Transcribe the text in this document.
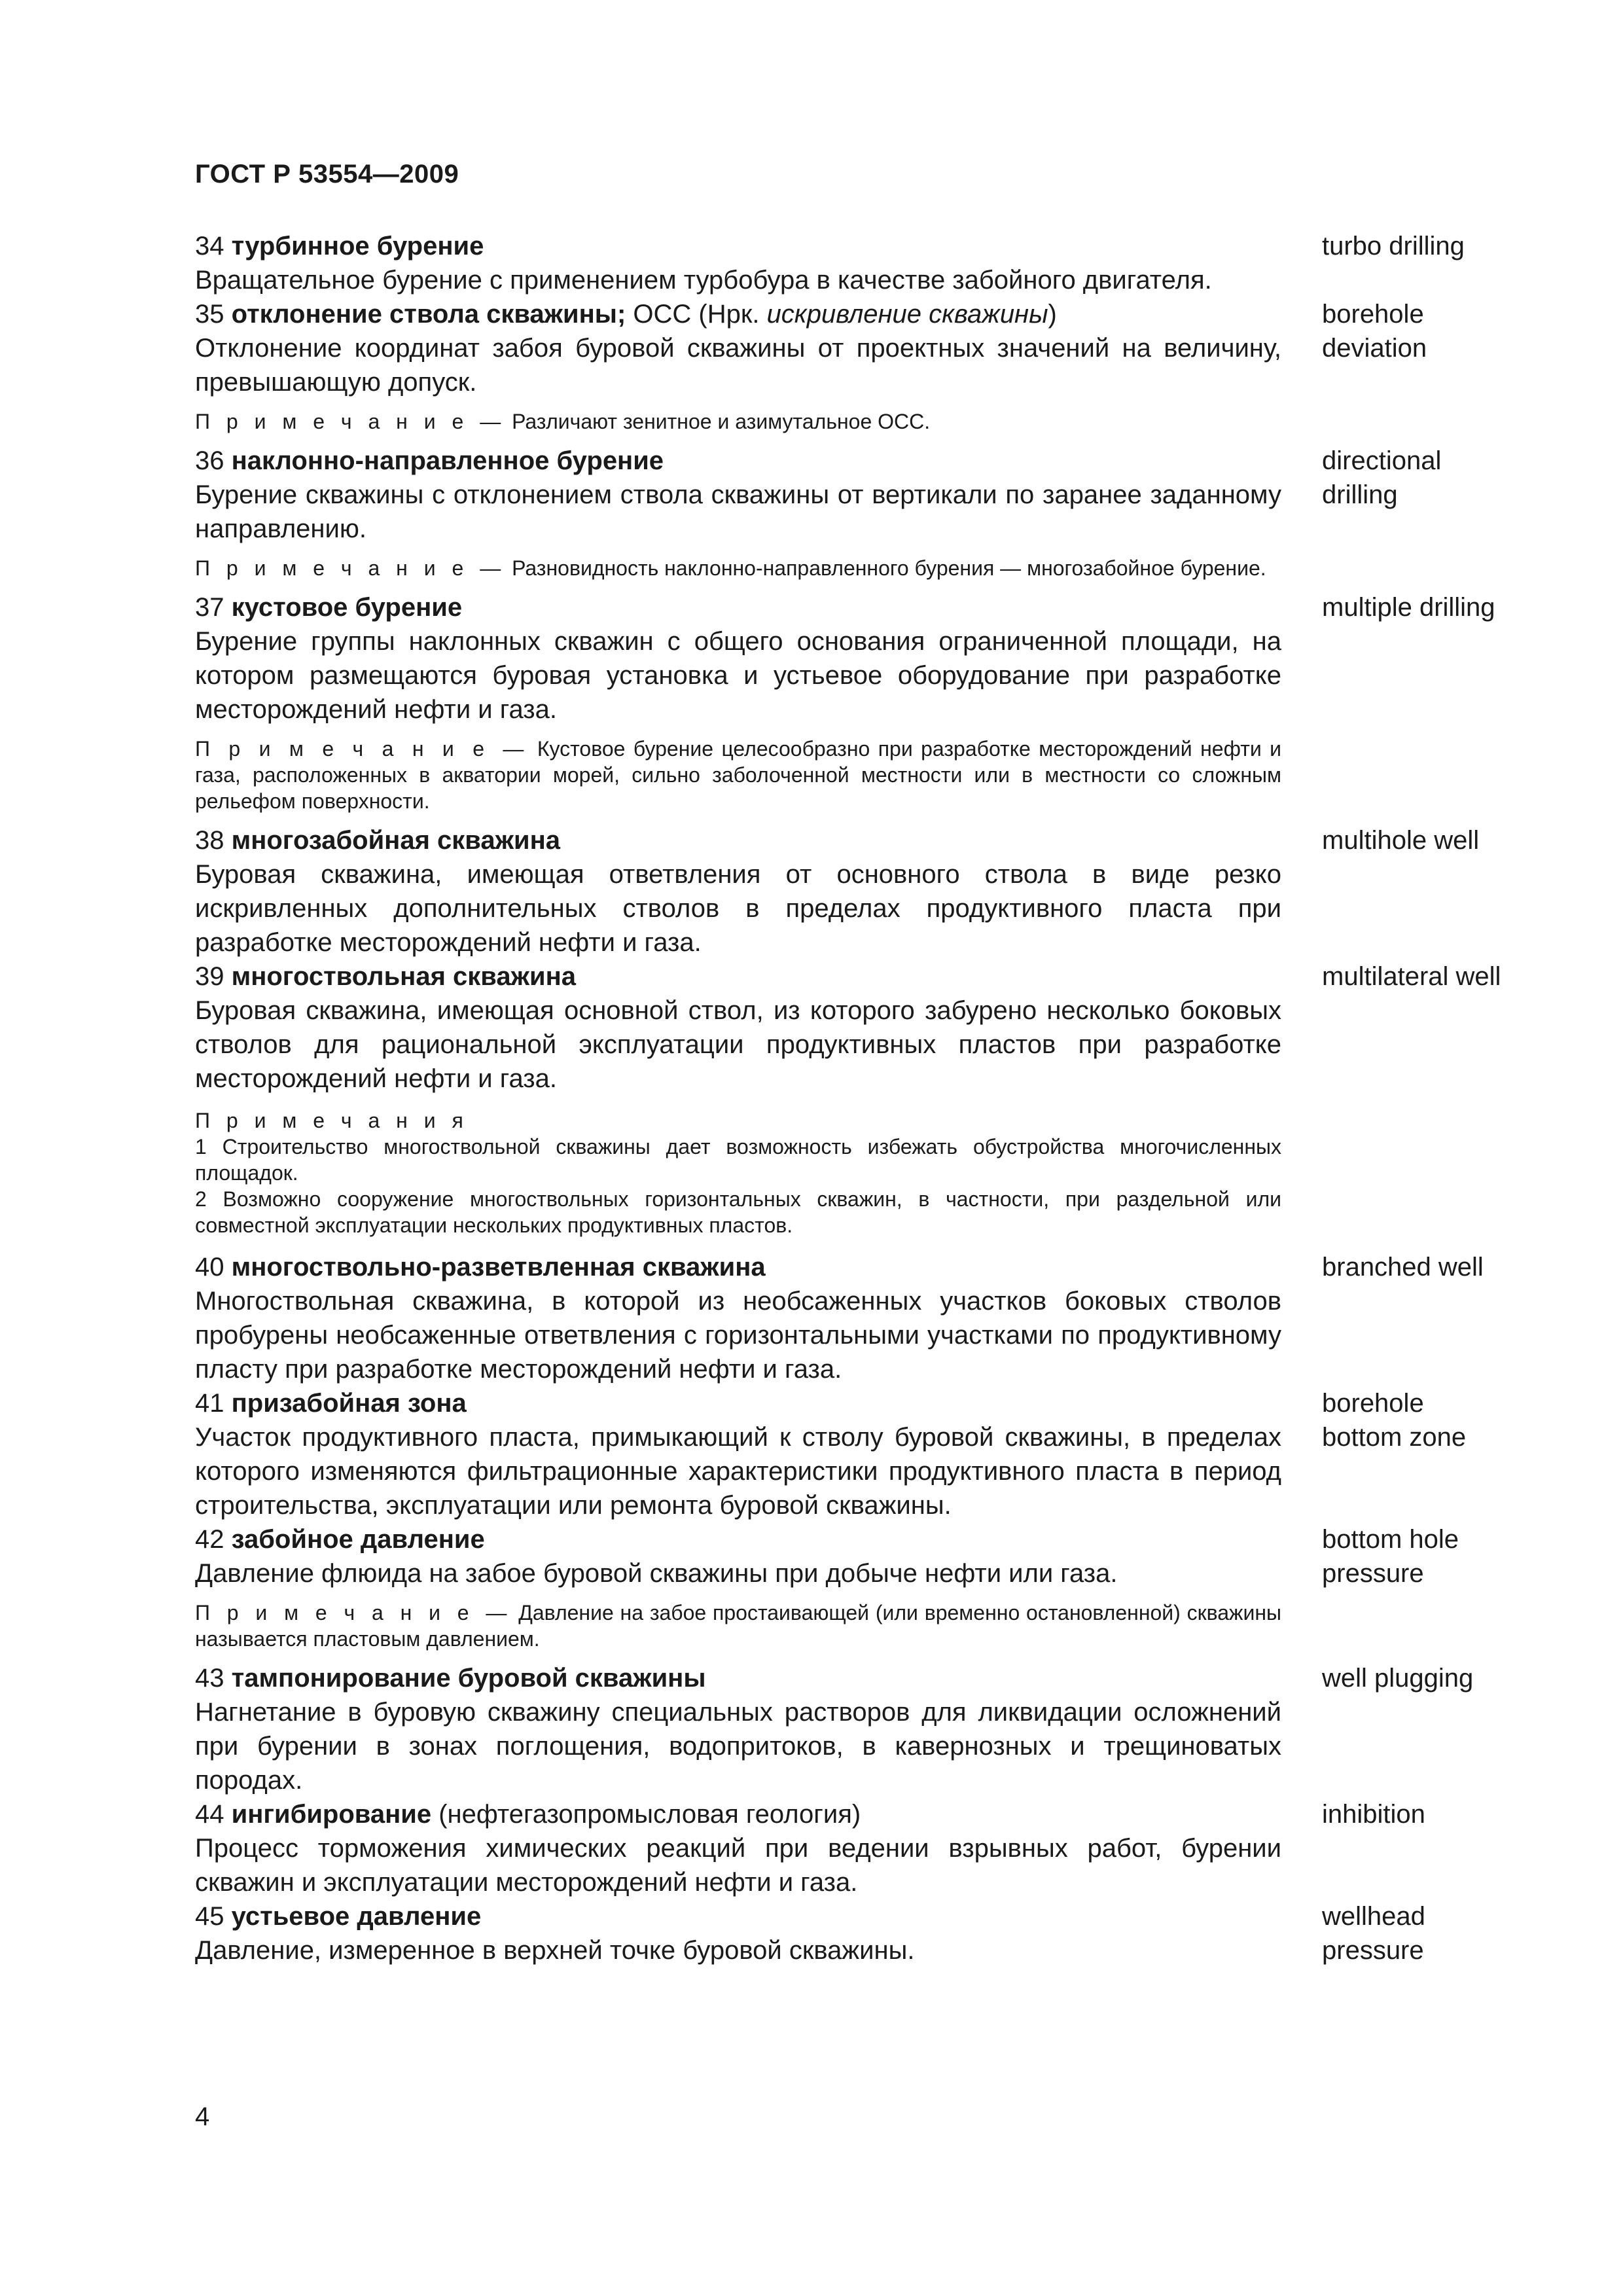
ГОСТ Р 53554—2009

34 турбинное бурение

Вращательное бурение с применением турбобура в качестве забойного двигателя.

turbo drilling

35 отклонение ствола скважины; ОСС (Нрк. искривление скважины)

Отклонение координат забоя буровой скважины от проектных значений на величину, превышающую допуск.

П р и м е ч а н и е — Различают зенитное и азимутальное ОСС.

borehole
deviation

36 наклонно-направленное бурение

Бурение скважины с отклонением ствола скважины от вертикали по заранее заданному направлению.

П р и м е ч а н и е — Разновидность наклонно-направленного бурения — многозабойное бурение.

directional
drilling

37 кустовое бурение

Бурение группы наклонных скважин с общего основания ограниченной площади, на котором размещаются буровая установка и устьевое оборудование при разработке месторождений нефти и газа.

П р и м е ч а н и е — Кустовое бурение целесообразно при разработке месторождений нефти и газа, расположенных в акватории морей, сильно заболоченной местности или в местности со сложным рельефом поверхности.

multiple drilling

38 многозабойная скважина

Буровая скважина, имеющая ответвления от основного ствола в виде резко искривленных дополнительных стволов в пределах продуктивного пласта при разработке месторождений нефти и газа.

multihole well

39 многоствольная скважина

Буровая скважина, имеющая основной ствол, из которого забурено несколько боковых стволов для рациональной эксплуатации продуктивных пластов при разработке месторождений нефти и газа.

П р и м е ч а н и я

1 Строительство многоствольной скважины дает возможность избежать обустройства многочисленных площадок.

2 Возможно сооружение многоствольных горизонтальных скважин, в частности, при раздельной или совместной эксплуатации нескольких продуктивных пластов.

multilateral well

40 многоствольно-разветвленная скважина

Многоствольная скважина, в которой из необсаженных участков боковых стволов пробурены необсаженные ответвления с горизонтальными участками по продуктивному пласту при разработке месторождений нефти и газа.

branched well

41 призабойная зона

Участок продуктивного пласта, примыкающий к стволу буровой скважины, в пределах которого изменяются фильтрационные характеристики продуктивного пласта в период строительства, эксплуатации или ремонта буровой скважины.

borehole
bottom zone

42 забойное давление

Давление флюида на забое буровой скважины при добыче нефти или газа.

П р и м е ч а н и е — Давление на забое простаивающей (или временно остановленной) скважины называется пластовым давлением.

bottom hole
pressure

43 тампонирование буровой скважины

Нагнетание в буровую скважину специальных растворов для ликвидации осложнений при бурении в зонах поглощения, водопритоков, в кавернозных и трещиноватых породах.

well plugging

44 ингибирование (нефтегазопромысловая геология)

Процесс торможения химических реакций при ведении взрывных работ, бурении скважин и эксплуатации месторождений нефти и газа.

inhibition

45 устьевое давление

Давление, измеренное в верхней точке буровой скважины.

wellhead
pressure
4
